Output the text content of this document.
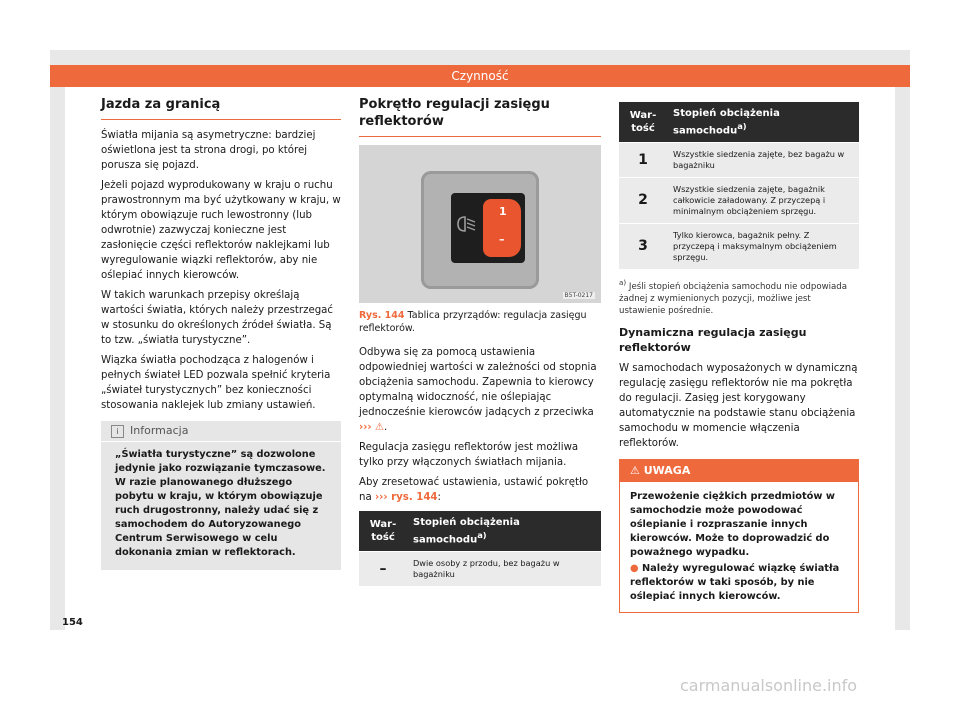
Czynność
Jazda za granicą

Światła mijania są asymetryczne: bardziej oświetlona jest ta strona drogi, po której porusza się pojazd.

Jeżeli pojazd wyprodukowany w kraju o ruchu prawostronnym ma być użytkowany w kraju, w którym obowiązuje ruch lewostronny (lub odwrotnie) zazwyczaj konieczne jest zasłonięcie części reflektorów naklejkami lub wyregulowanie wiązki reflektorów, aby nie oślepiać innych kierowców.

W takich warunkach przepisy określają wartości światła, których należy przestrzegać w stosunku do określonych źródeł światła. Są to tzw. „światła turystyczne”.

Wiązka światła pochodząca z halogenów i pełnych świateł LED pozwala spełnić kryteria „świateł turystycznych” bez konieczności stosowania naklejek lub zmiany ustawień.

i Informacja
„Światła turystyczne” są dozwolone jedynie jako rozwiązanie tymczasowe. W razie planowanego dłuższego pobytu w kraju, w którym obowiązuje ruch drugostronny, należy udać się z samochodem do Autoryzowanego Centrum Serwisowego w celu dokonania zmian w reflektorach.
Pokrętło regulacji zasięgu reflektorów
1
–
B5T-0217
Rys. 144 Tablica przyrządów: regulacja zasięgu reflektorów.

Odbywa się za pomocą ustawienia odpowiedniej wartości w zależności od stopnia obciążenia samochodu. Zapewnia to kierowcy optymalną widoczność, nie oślepiając jednocześnie kierowców jadących z przeciwka ››› ⚠.

Regulacja zasięgu reflektorów jest możliwa tylko przy włączonych światłach mijania.

Aby zresetować ustawienia, ustawić pokrętło na ››› rys. 144:

War-tość	Stopień obciążenia samochodu$^{a)}$
–	Dwie osoby z przodu, bez bagażu w bagażniku
War-tość	Stopień obciążenia samochodu$^{a)}$
1	Wszystkie siedzenia zajęte, bez bagażu w bagażniku
2	Wszystkie siedzenia zajęte, bagażnik całkowicie załadowany. Z przyczepą i minimalnym obciążeniem sprzęgu.
3	Tylko kierowca, bagażnik pełny. Z przyczepą i maksymalnym obciążeniem sprzęgu.
$^{a)}$ Jeśli stopień obciążenia samochodu nie odpowiada żadnej z wymienionych pozycji, możliwe jest ustawienie pośrednie.
Dynamiczna regulacja zasięgu reflektorów

W samochodach wyposażonych w dynamiczną regulację zasięgu reflektorów nie ma pokrętła do regulacji. Zasięg jest korygowany automatycznie na podstawie stanu obciążenia samochodu w momencie włączenia reflektorów.

⚠ UWAGA
Przewożenie ciężkich przedmiotów w samochodzie może powodować oślepianie i rozpraszanie innych kierowców. Może to doprowadzić do poważnego wypadku.
● Należy wyregulować wiązkę światła reflektorów w taki sposób, by nie oślepiać innych kierowców.
154
carmanualsonline.info
